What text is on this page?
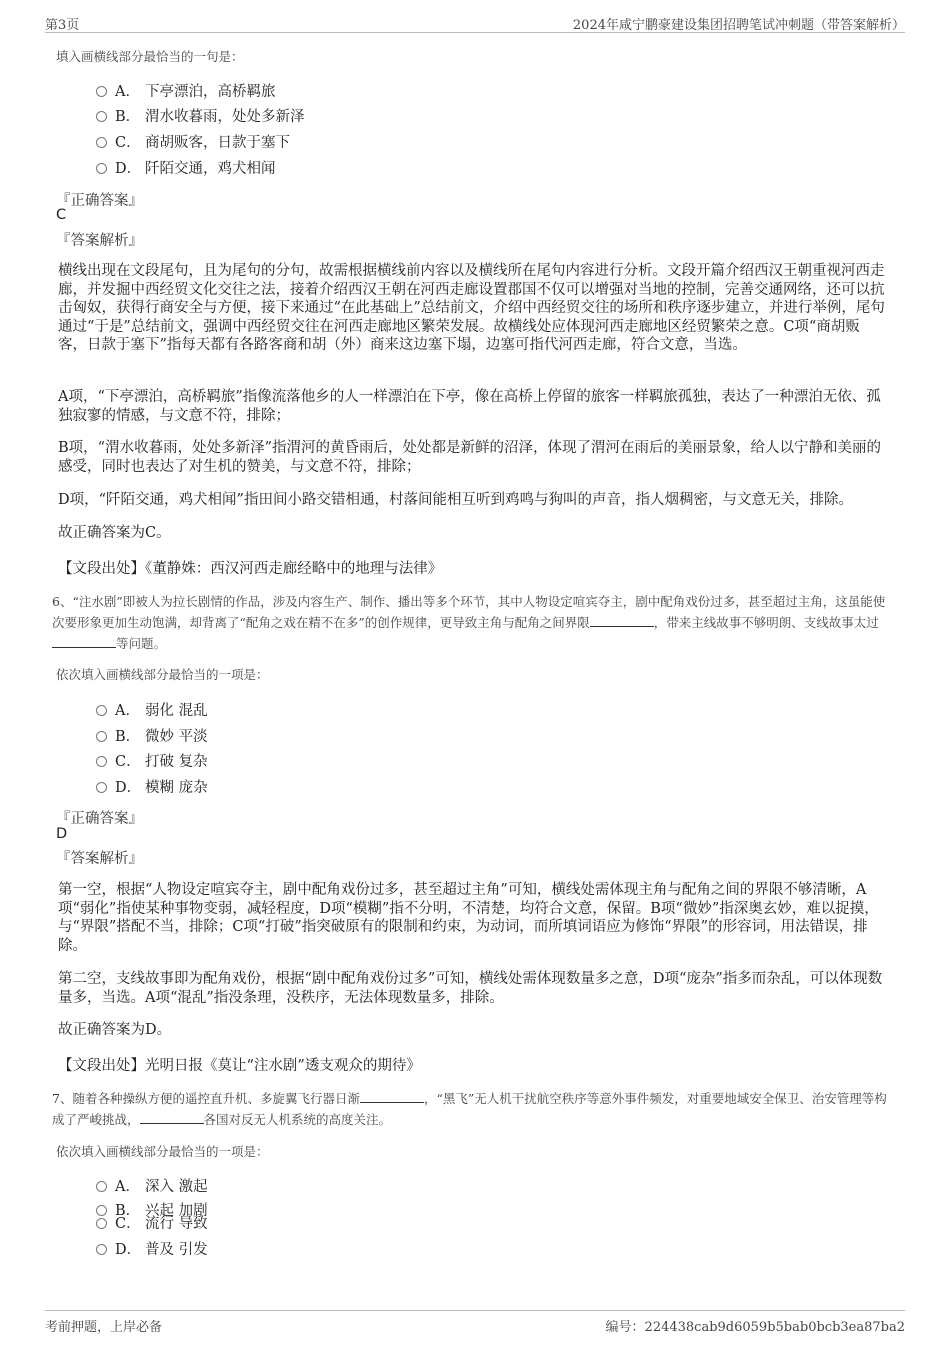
第3页	2024年咸宁鹏豪建设集团招聘笔试冲刺题（带答案解析）
填入画横线部分最恰当的一句是：
A． 下亭漂泊，高桥羁旅
B． 渭水收暮雨，处处多新泽
C． 商胡贩客，日款于塞下
D． 阡陌交通，鸡犬相闻
『正确答案』
C
『答案解析』
横线出现在文段尾句，且为尾句的分句，故需根据横线前内容以及横线所在尾句内容进行分析。文段开篇介绍西汉王朝重视河西走廊，并发掘中西经贸文化交往之法，接着介绍西汉王朝在河西走廊设置郡国不仅可以增强对当地的控制，完善交通网络，还可以抗击匈奴，获得行商安全与方便，接下来通过“在此基础上”总结前文，介绍中西经贸交往的场所和秩序逐步建立，并进行举例，尾句通过“于是”总结前文，强调中西经贸交往在河西走廊地区繁荣发展。故横线处应体现河西走廊地区经贸繁荣之意。C项“商胡贩客，日款于塞下”指每天都有各路客商和胡（外）商来这边塞下塌，边塞可指代河西走廊，符合文意，当选。
A项，“下亭漂泊，高桥羁旅”指像流落他乡的人一样漂泊在下亭，像在高桥上停留的旅客一样羁旅孤独，表达了一种漂泊无依、孤独寂寥的情感，与文意不符，排除；
B项，“渭水收暮雨，处处多新泽”指渭河的黄昏雨后，处处都是新鲜的沼泽，体现了渭河在雨后的美丽景象，给人以宁静和美丽的感受，同时也表达了对生机的赞美，与文意不符，排除；
D项，“阡陌交通，鸡犬相闻”指田间小路交错相通，村落间能相互听到鸡鸣与狗叫的声音，指人烟稠密，与文意无关，排除。
故正确答案为C。
【文段出处】《董静姝：西汉河西走廊经略中的地理与法律》
6、“注水剧”即被人为拉长剧情的作品，涉及内容生产、制作、播出等多个环节，其中人物设定喧宾夺主，剧中配角戏份过多，甚至超过主角，这虽能使次要形象更加生动饱满，却背离了“配角之戏在精不在多”的创作规律，更导致主角与配角之间界限	，带来主线故事不够明朗、支线故事太过等问题。
依次填入画横线部分最恰当的一项是：
A． 弱化 混乱
B． 微妙 平淡
C． 打破 复杂
D． 模糊 庞杂
『正确答案』
D
『答案解析』
第一空，根据“人物设定喧宾夺主，剧中配角戏份过多，甚至超过主角”可知，横线处需体现主角与配角之间的界限不够清晰，A项“弱化”指使某种事物变弱，减轻程度，D项“模糊”指不分明，不清楚，均符合文意，保留。B项“微妙”指深奥玄妙，难以捉摸，与“界限”搭配不当，排除；C项“打破”指突破原有的限制和约束，为动词，而所填词语应为修饰“界限”的形容词，用法错误，排除。
第二空，支线故事即为配角戏份，根据“剧中配角戏份过多”可知，横线处需体现数量多之意，D项“庞杂”指多而杂乱，可以体现数量多，当选。A项“混乱”指没条理，没秩序，无法体现数量多，排除。
故正确答案为D。
【文段出处】光明日报《莫让“注水剧”透支观众的期待》
7、随着各种操纵方便的遥控直升机、多旋翼飞行器日渐	，“黑飞”无人机干扰航空秩序等意外事件频发，对重要地域安全保卫、治安管理等构成了严峻挑战，	各国对反无人机系统的高度关注。
依次填入画横线部分最恰当的一项是：
A． 深入 激起
B． 兴起 加剧
C． 流行 导致
D． 普及 引发
考前押题，上岸必备	编号：224438cab9d6059b5bab0bcb3ea87ba2
